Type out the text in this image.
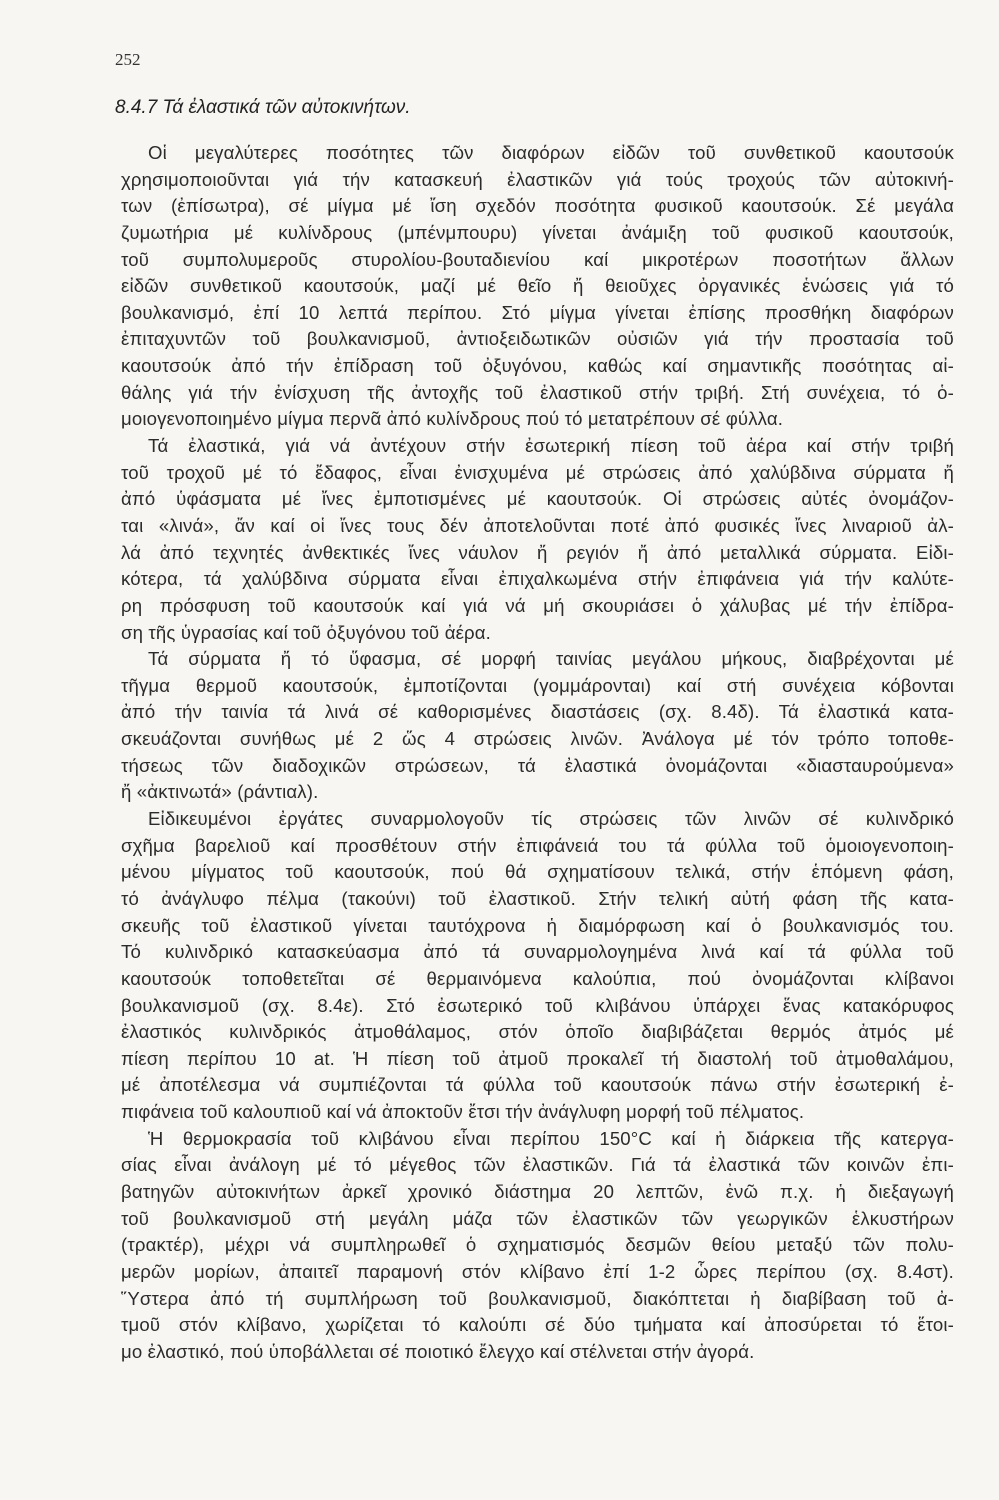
252
8.4.7 Τά ἐλαστικά τῶν αὐτοκινήτων.
Οἱ μεγαλύτερες ποσότητες τῶν διαφόρων εἰδῶν τοῦ συνθετικοῦ καουτσούκ
χρησιμοποιοῦνται γιά τήν κατασκευή ἐλαστικῶν γιά τούς τροχούς τῶν αὐτοκινή-
των (ἐπίσωτρα), σέ μίγμα μέ ἴση σχεδόν ποσότητα φυσικοῦ καουτσούκ. Σέ μεγάλα
ζυμωτήρια μέ κυλίνδρους (μπένμπουρυ) γίνεται ἀνάμιξη τοῦ φυσικοῦ καουτσούκ,
τοῦ συμπολυμεροῦς στυρολίου-βουταδιενίου καί μικροτέρων ποσοτήτων ἄλλων
εἰδῶν συνθετικοῦ καουτσούκ, μαζί μέ θεῖο ἤ θειοῦχες ὀργανικές ἑνώσεις γιά τό
βουλκανισμό, ἐπί 10 λεπτά περίπου. Στό μίγμα γίνεται ἐπίσης προσθήκη διαφόρων
ἐπιταχυντῶν τοῦ βουλκανισμοῦ, ἀντιοξειδωτικῶν οὐσιῶν γιά τήν προστασία τοῦ
καουτσούκ ἀπό τήν ἐπίδραση τοῦ ὀξυγόνου, καθώς καί σημαντικῆς ποσότητας αἰ-
θάλης γιά τήν ἐνίσχυση τῆς ἀντοχῆς τοῦ ἐλαστικοῦ στήν τριβή. Στή συνέχεια, τό ὁ-
μοιογενοποιημένο μίγμα περνᾶ ἀπό κυλίνδρους πού τό μετατρέπουν σέ φύλλα.
Τά ἐλαστικά, γιά νά ἀντέχουν στήν ἐσωτερική πίεση τοῦ ἀέρα καί στήν τριβή
τοῦ τροχοῦ μέ τό ἔδαφος, εἶναι ἐνισχυμένα μέ στρώσεις ἀπό χαλύβδινα σύρματα ἤ
ἀπό ὑφάσματα μέ ἴνες ἐμποτισμένες μέ καουτσούκ. Οἱ στρώσεις αὐτές ὀνομάζον-
ται «λινά», ἄν καί οἱ ἴνες τους δέν ἀποτελοῦνται ποτέ ἀπό φυσικές ἴνες λιναριοῦ ἀλ-
λά ἀπό τεχνητές ἀνθεκτικές ἴνες νάυλον ἤ ρεγιόν ἤ ἀπό μεταλλικά σύρματα. Εἰδι-
κότερα, τά χαλύβδινα σύρματα εἶναι ἐπιχαλκωμένα στήν ἐπιφάνεια γιά τήν καλύτε-
ρη πρόσφυση τοῦ καουτσούκ καί γιά νά μή σκουριάσει ὁ χάλυβας μέ τήν ἐπίδρα-
ση τῆς ὑγρασίας καί τοῦ ὀξυγόνου τοῦ ἀέρα.
Τά σύρματα ἤ τό ὕφασμα, σέ μορφή ταινίας μεγάλου μήκους, διαβρέχονται μέ
τῆγμα θερμοῦ καουτσούκ, ἐμποτίζονται (γομμάρονται) καί στή συνέχεια κόβονται
ἀπό τήν ταινία τά λινά σέ καθορισμένες διαστάσεις (σχ. 8.4δ). Τά ἐλαστικά κατα-
σκευάζονται συνήθως μέ 2 ὥς 4 στρώσεις λινῶν. Ἀνάλογα μέ τόν τρόπο τοποθε-
τήσεως τῶν διαδοχικῶν στρώσεων, τά ἐλαστικά ὀνομάζονται «διασταυρούμενα»
ἤ «ἀκτινωτά» (ράντιαλ).
Εἰδικευμένοι ἐργάτες συναρμολογοῦν τίς στρώσεις τῶν λινῶν σέ κυλινδρικό
σχῆμα βαρελιοῦ καί προσθέτουν στήν ἐπιφάνειά του τά φύλλα τοῦ ὁμοιογενοποιη-
μένου μίγματος τοῦ καουτσούκ, πού θά σχηματίσουν τελικά, στήν ἑπόμενη φάση,
τό ἀνάγλυφο πέλμα (τακούνι) τοῦ ἐλαστικοῦ. Στήν τελική αὐτή φάση τῆς κατα-
σκευῆς τοῦ ἐλαστικοῦ γίνεται ταυτόχρονα ἡ διαμόρφωση καί ὁ βουλκανισμός του.
Τό κυλινδρικό κατασκεύασμα ἀπό τά συναρμολογημένα λινά καί τά φύλλα τοῦ
καουτσούκ τοποθετεῖται σέ θερμαινόμενα καλούπια, πού ὀνομάζονται κλίβανοι
βουλκανισμοῦ (σχ. 8.4ε). Στό ἐσωτερικό τοῦ κλιβάνου ὑπάρχει ἕνας κατακόρυφος
ἐλαστικός κυλινδρικός ἀτμοθάλαμος, στόν ὁποῖο διαβιβάζεται θερμός ἀτμός μέ
πίεση περίπου 10 at. Ἡ πίεση τοῦ ἀτμοῦ προκαλεῖ τή διαστολή τοῦ ἀτμοθαλάμου,
μέ ἀποτέλεσμα νά συμπιέζονται τά φύλλα τοῦ καουτσούκ πάνω στήν ἐσωτερική ἐ-
πιφάνεια τοῦ καλουπιοῦ καί νά ἀποκτοῦν ἔτσι τήν ἀνάγλυφη μορφή τοῦ πέλματος.
Ἡ θερμοκρασία τοῦ κλιβάνου εἶναι περίπου 150°C καί ἡ διάρκεια τῆς κατεργα-
σίας εἶναι ἀνάλογη μέ τό μέγεθος τῶν ἐλαστικῶν. Γιά τά ἐλαστικά τῶν κοινῶν ἐπι-
βατηγῶν αὐτοκινήτων ἀρκεῖ χρονικό διάστημα 20 λεπτῶν, ἐνῶ π.χ. ἡ διεξαγωγή
τοῦ βουλκανισμοῦ στή μεγάλη μάζα τῶν ἐλαστικῶν τῶν γεωργικῶν ἑλκυστήρων
(τρακτέρ), μέχρι νά συμπληρωθεῖ ὁ σχηματισμός δεσμῶν θείου μεταξύ τῶν πολυ-
μερῶν μορίων, ἀπαιτεῖ παραμονή στόν κλίβανο ἐπί 1-2 ὧρες περίπου (σχ. 8.4στ).
Ὕστερα ἀπό τή συμπλήρωση τοῦ βουλκανισμοῦ, διακόπτεται ἡ διαβίβαση τοῦ ἀ-
τμοῦ στόν κλίβανο, χωρίζεται τό καλούπι σέ δύο τμήματα καί ἀποσύρεται τό ἕτοι-
μο ἐλαστικό, πού ὑποβάλλεται σέ ποιοτικό ἔλεγχο καί στέλνεται στήν ἀγορά.
